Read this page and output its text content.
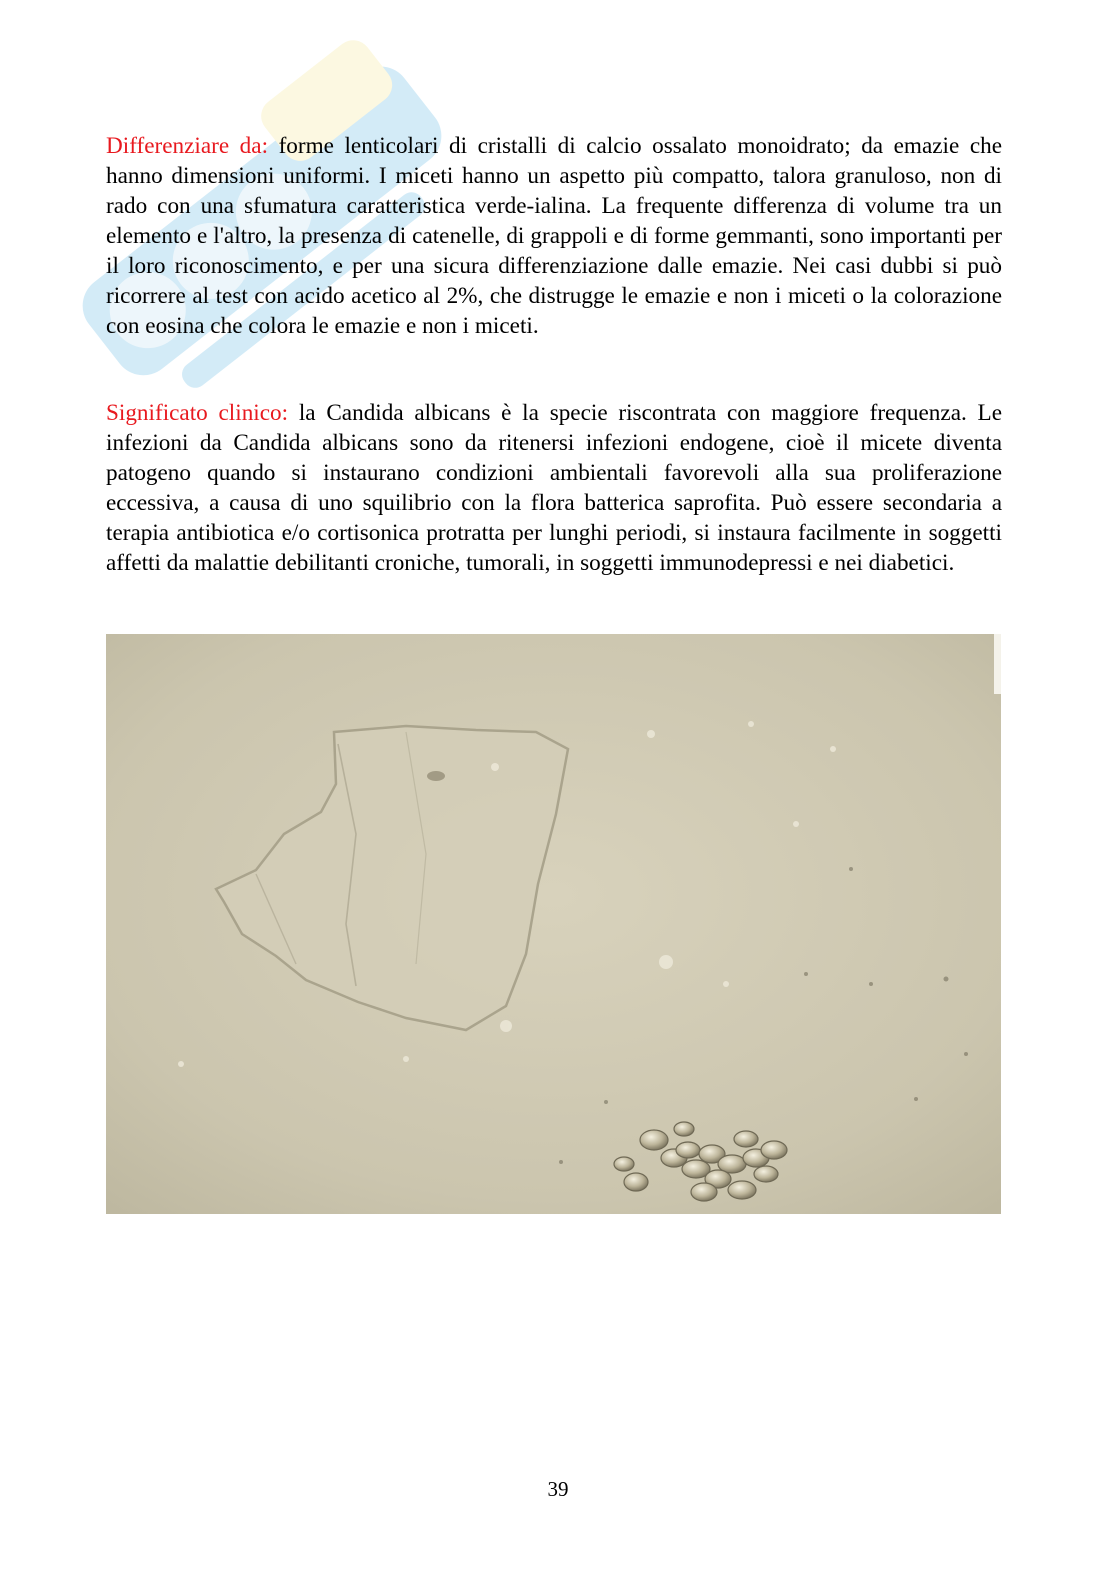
Differenziare da: forme lenticolari di cristalli di calcio ossalato monoidrato; da emazie che hanno dimensioni uniformi. I miceti hanno un aspetto più compatto, talora granuloso, non di rado con una sfumatura caratteristica verde-ialina. La frequente differenza di volume tra un elemento e l'altro, la presenza di catenelle, di grappoli e di forme gemmanti, sono importanti per il loro riconoscimento, e per una sicura differenziazione dalle emazie. Nei casi dubbi si può ricorrere al test con acido acetico al 2%, che distrugge le emazie e non i miceti o la colorazione con eosina che colora le emazie e non i miceti.

Significato clinico: la Candida albicans è la specie riscontrata con maggiore frequenza. Le infezioni da Candida albicans sono da ritenersi infezioni endogene, cioè il micete diventa patogeno quando si instaurano condizioni ambientali favorevoli alla sua proliferazione eccessiva, a causa di uno squilibrio con la flora batterica saprofita. Può essere secondaria a terapia antibiotica e/o cortisonica protratta per lunghi periodi, si instaura facilmente in soggetti affetti da malattie debilitanti croniche, tumorali, in soggetti immunodepressi e nei diabetici.

39
